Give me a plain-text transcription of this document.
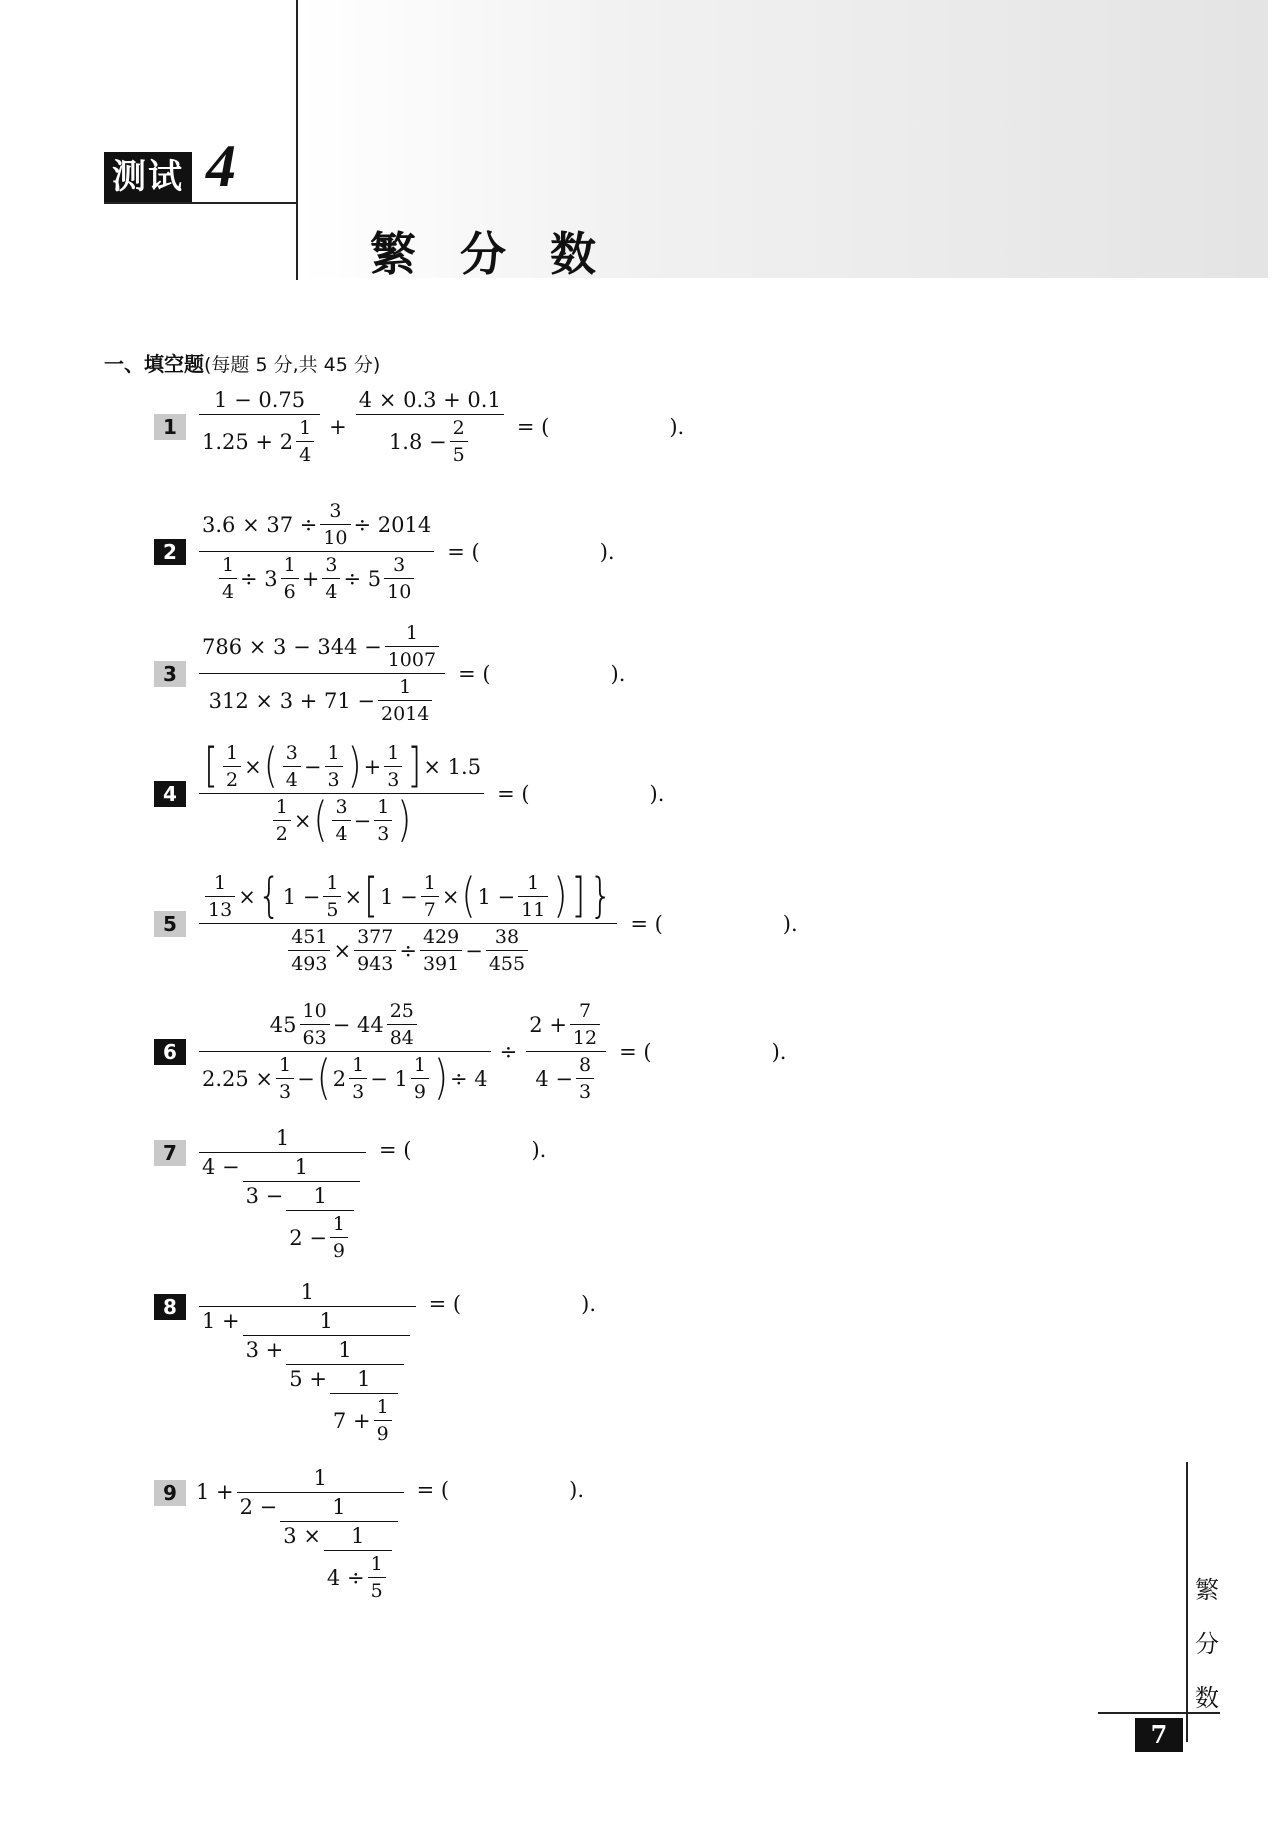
测试 4
繁分数
一、填空题(每题 5 分,共 45 分)
1
1 − 0.75
1.25 + 2
1
4
+
4 × 0.3 + 0.1
1.8 −
2
5
= (	).
2
3.6 × 37 ÷
3
10
÷ 2014
1
4
÷ 3
1
6
+
3
4
÷ 5
3
10
= (	).
3
786 × 3 − 344 −
1
1007
312 × 3 + 71 −
1
2014
= (	).
4
[ 1
2
× ( 3
4
−
1
3 ) +
1
3 ] × 1.5
1
2
× ( 3
4
−
1
3 )	= (	).
5
1
13
× { 1 −
1
5
× [ 1 −
1
7
× ( 1 −
1
11 ) ] }
451
493
×
377
943
÷
429
391
−
38
455
= (	).
6
45
10
63
− 44
25
84
2.25 ×
1
3
− ( 2
1
3
− 1
1
9 ) ÷ 4
÷
2 +
7
12
4 −
8
3
= (	).
7
1
4 −	1
3 −	1
2 −
1
9
= (	).
8
1
1 +	1
3 +	1
5 +	1
7 +
1
9
= (	).
9 1 +
1
2 −	1
3 ×	1
4 ÷
1
5
= (	).
繁
分
数
7
